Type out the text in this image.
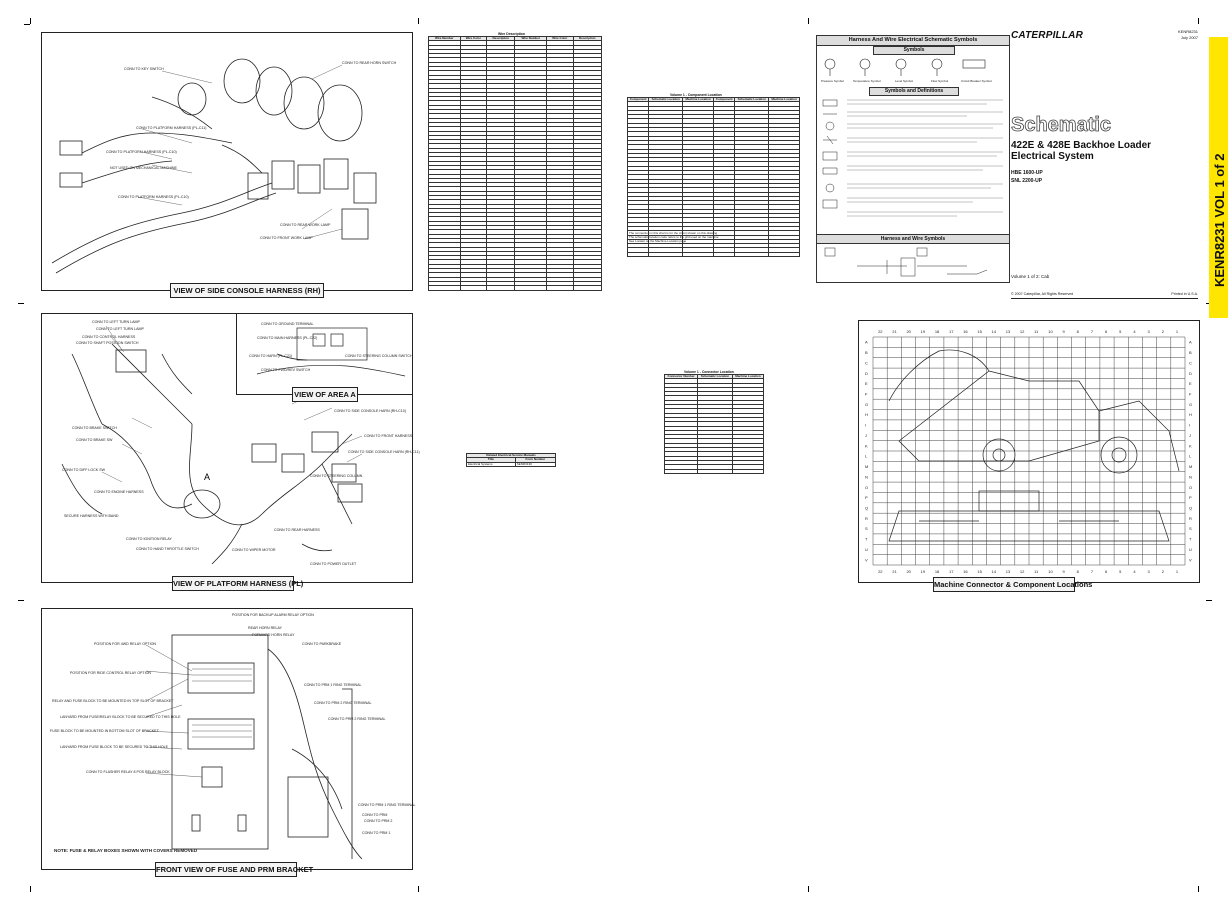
CONN TO KEY SWITCH
CONN TO PLATFORM HARNESS (PL-C11)
CONN TO PLATFORM HARNESS (PL-C10)
NOT USED ON MECHANICAL MACHINE
CONN TO PLATFORM HARNESS (PL-C10)
CONN TO REAR HORN SWITCH
CONN TO REAR WORK LAMP
CONN TO FRONT WORK LAMP
VIEW OF SIDE CONSOLE HARNESS (RH)
A
CONN TO LEFT TURN LAMP
CONN TO LEFT TURN LAMP
CONN TO CONTROL HARNESS
CONN TO SHAFT POSITION SWITCH
CONN TO BRAKE SWITCH
CONN TO BRAKE SW
CONN TO DIFF LOCK SW
CONN TO ENGINE HARNESS
SECURE HARNESS WITH BAND
CONN TO IGNITION RELAY
CONN TO HAND THROTTLE SWITCH
CONN TO SIDE CONSOLE HARN (RH-C10)
CONN TO FRONT HARNESS
CONN TO SIDE CONSOLE HARN (RH-C11)
CONN TO STEERING COLUMN
CONN TO REAR HARNESS
CONN TO WIPER MOTOR
CONN TO POWER OUTLET
VIEW OF PLATFORM HARNESS (PL)
CONN TO GROUND TERMINAL
CONN TO MAIN HARNESS (PL-C22)
CONN TO HARN (PL-C21)	CONN TO STEERING COLUMN SWITCH
CONN TO FWD/REV SWITCH
VIEW OF AREA A
POSITION FOR BACKUP ALARM RELAY OPTION
REAR HORN RELAY
FORWARD HORN RELAY
POSITION FOR 4WD RELAY OPTION
POSITION FOR RIDE CONTROL RELAY OPTION
RELAY AND FUSE BLOCK TO BE MOUNTED IN TOP SLOT OF BRACKET
LANYARD FROM FUSE/RELAY BLOCK TO BE SECURED TO THIS HOLE
FUSE BLOCK TO BE MOUNTED IN BOTTOM SLOT OF BRACKET
LANYARD FROM FUSE BLOCK TO BE SECURED TO THIS HOLE
CONN TO FLASHER RELAY 8 POS RELAY BLOCK
CONN TO PARKBRAKE
CONN TO PRM 1 RING TERMINAL
CONN TO PRM 2 RING TERMINAL
CONN TO PRM 2 RING TERMINAL
CONN TO PRM 1 RING TERMINAL
CONN TO PRM
CONN TO PRM 2
CONN TO PRM 1
NOTE: FUSE & RELAY BOXES SHOWN WITH COVERS REMOVED
FRONT VIEW OF FUSE AND PRM BRACKET
Wire Description
Wire Number	Wire Color	Description	Wire Number	Wire Color	Description

Volume 1 - Component Location
Component	Schematic Location	Machine Location	Component	Schematic Location	Machine Location

The connection in this chart is for the circuit shown on this drawing
The schematic location code refers to the grid used on the machine
See Locator on the Machine Location page
Volume 1 - Connector Location
Connector Number	Schematic Location	Machine Location

Related Electrical Service Manuals	
Title	Form Number
Electrical Systems	SENR3130
Harness And Wire Electrical Schematic Symbols
Symbols
Pressure Symbol	Temperature Symbol	Level Symbol	Flow Symbol	Circuit Breaker Symbol
Symbols and Definitions
Harness and Wire Symbols
CATERPILLAR	KENR8231
July 2007
Schematic
422E & 428E Backhoe Loader
Electrical System
HBE 1600-UP
SNL 2200-UP
Volume 1 of 2: Cab
© 2007 Caterpillar, All Rights Reserved	Printed in U.S.A.
KENR8231 VOL 1 of 2
22
22
21
21
20
20
19
19
18
18
17
17
16
16
15
15
14
14
13
13
12
12
11
11
10
10
9
9
8
8
7
7
6
6
5
5
4
4
3
3
2
2
1
1
A	A
B	B
C	C
D	D
E	E
F	F
G	G
H	H
I	I
J	J
K	K
L	L
M	M
N	N
O	O
P	P
Q	Q
R	R
S	S
T	T
U	U
V	V
Machine Connector & Component Locations
